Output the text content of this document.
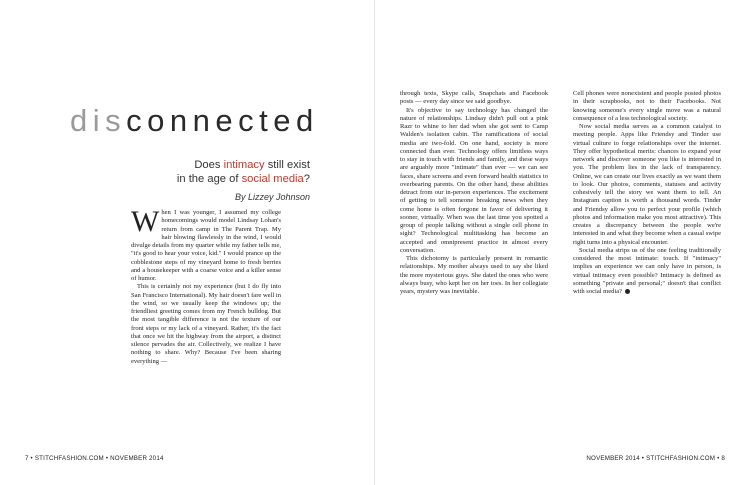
disconnected
Does intimacy still exist
in the age of social media?
By Lizzey Johnson

When I was younger, I assumed my college homecomings would model Lindsay Lohan's return from camp in The Parent Trap. My hair blowing flawlessly in the wind, I would divulge details from my quarter while my father tells me, "it's good to hear your voice, kid." I would prance up the cobblestone steps of my vineyard home to fresh berries and a housekeeper with a coarse voice and a killer sense of humor.

This is certainly not my experience (but I do fly into San Francisco International). My hair doesn't fare well in the wind, so we usually keep the windows up; the friendliest greeting comes from my French bulldog. But the most tangible difference is not the texture of our front steps or my lack of a vineyard. Rather, it's the fact that once we hit the highway from the airport, a distinct silence pervades the air. Collectively, we realize I have nothing to share. Why? Because I've been sharing everything —

7 • STITCHFASHION.COM • NOVEMBER 2014

through texts, Skype calls, Snapchats and Facebook posts — every day since we said goodbye.

It's objective to say technology has changed the nature of relationships. Lindsay didn't pull out a pink Razr to whine to her dad when she got sent to Camp Walden's isolation cabin. The ramifications of social media are two-fold. On one hand, society is more connected than ever. Technology offers limitless ways to stay in touch with friends and family, and these ways are arguably more "intimate" than ever — we can see faces, share screens and even forward health statistics to overbearing parents. On the other hand, these abilities detract from our in-person experiences. The excitement of getting to tell someone breaking news when they come home is often forgone in favor of delivering it sooner, virtually. When was the last time you spotted a group of people talking without a single cell phone in sight? Technological multitasking has become an accepted and omnipresent practice in almost every conversation.

This dichotomy is particularly present in romantic relationships. My mother always used to say she liked the more mysterious guys. She dated the ones who were always busy, who kept her on her toes. In her collegiate years, mystery was inevitable.

Cell phones were nonexistent and people posted photos in their scrapbooks, not to their Facebooks. Not knowing someone's every single move was a natural consequence of a less technological society.

Now social media serves as a common catalyst to meeting people. Apps like Friendsy and Tinder use virtual culture to forge relationships over the internet. They offer hypothetical merits: chances to expand your network and discover someone you like is interested in you. The problem lies in the lack of transparency. Online, we can create our lives exactly as we want them to look. Our photos, comments, statuses and activity cohesively tell the story we want them to tell. An Instagram caption is worth a thousand words. Tinder and Friendsy allow you to perfect your profile (which photos and information make you most attractive). This creates a discrepancy between the people we're interested in and what they become when a casual swipe right turns into a physical encounter.

Social media strips us of the one feeling traditionally considered the most intimate: touch. If "intimacy" implies an experience we can only have in person, is virtual intimacy even possible? Intimacy is defined as something "private and personal;" doesn't that conflict with social media?

NOVEMBER 2014 • STITCHFASHION.COM • 8
